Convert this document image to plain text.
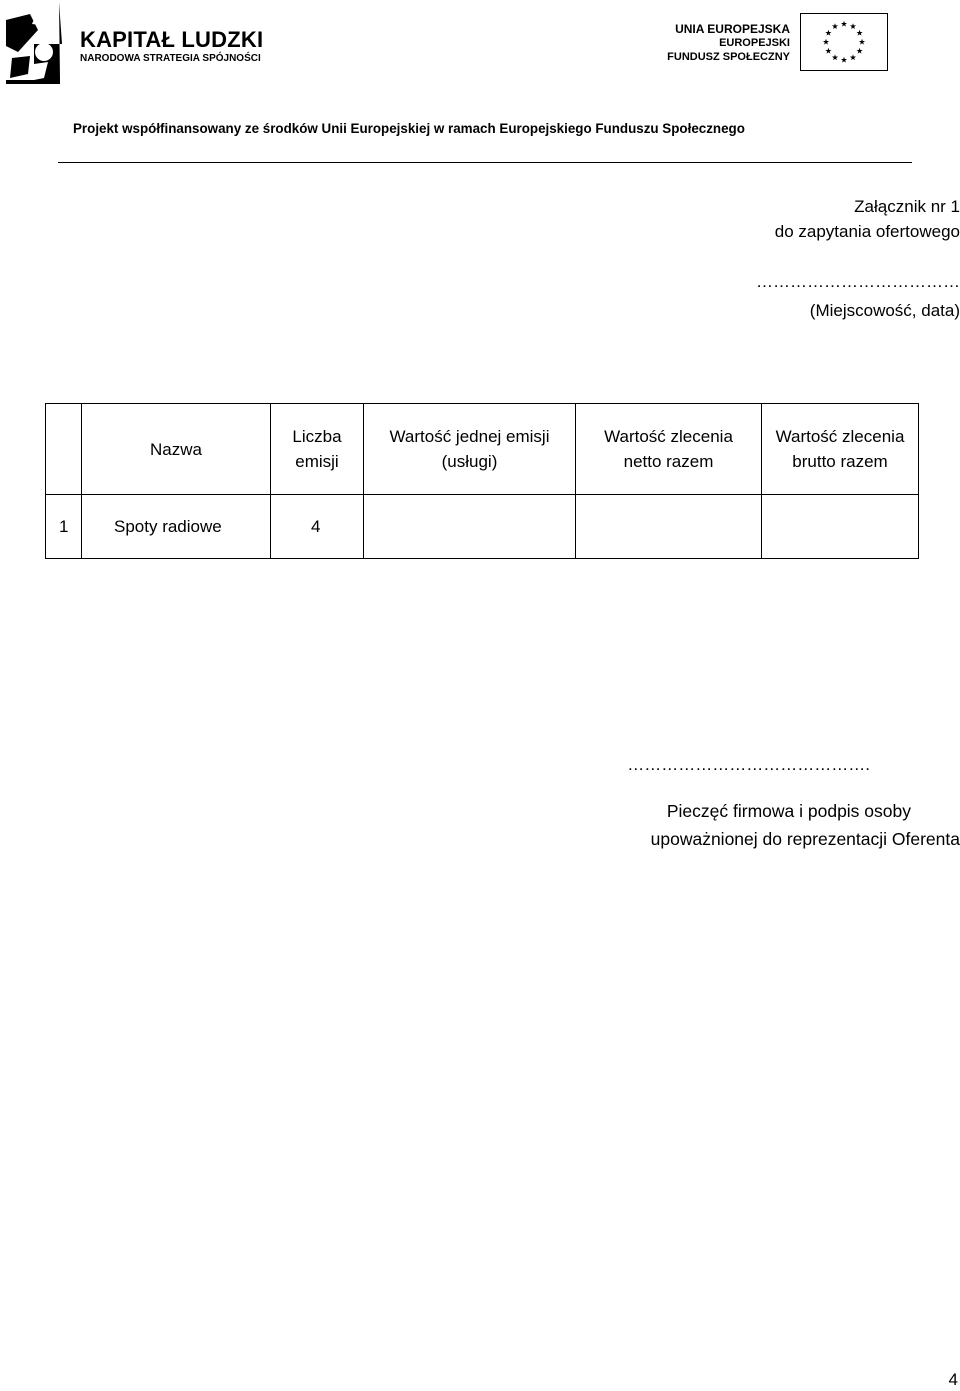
KAPITAŁ LUDZKI
NARODOWA STRATEGIA SPÓJNOŚCI
UNIA EUROPEJSKA
EUROPEJSKI
FUNDUSZ SPOŁECZNY
Projekt współfinansowany ze środków Unii Europejskiej w ramach Europejskiego Funduszu Społecznego
Załącznik nr 1
do zapytania ofertowego
………………………………
(Miejscowość, data)
	Nazwa	Liczba emisji	Wartość jednej emisji (usługi)	Wartość zlecenia netto razem	Wartość zlecenia brutto razem

1	Spoty radiowe	4			
…………………………………….
Pieczęć firmowa i podpis osoby
upoważnionej do reprezentacji Oferenta
4
